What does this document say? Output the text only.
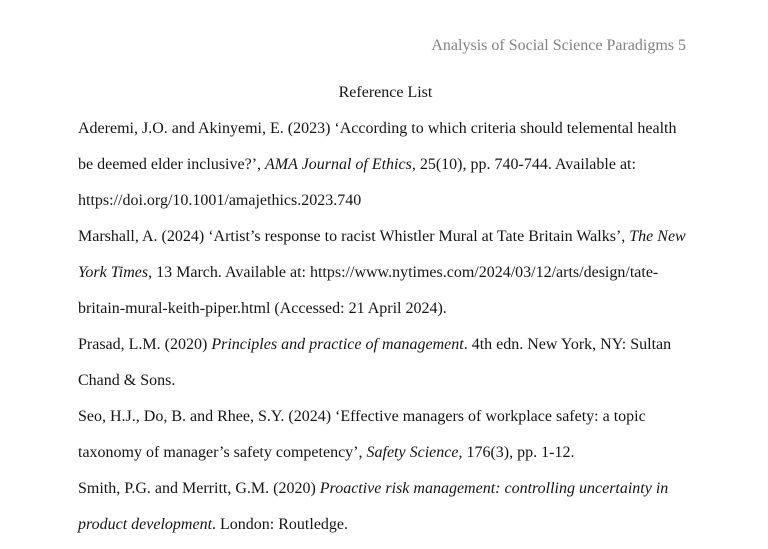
Analysis of Social Science Paradigms 5

Reference List

Aderemi, J.O. and Akinyemi, E. (2023) ‘According to which criteria should telemental health be deemed elder inclusive?’, AMA Journal of Ethics, 25(10), pp. 740-744. Available at: https://doi.org/10.1001/amajethics.2023.740

Marshall, A. (2024) ‘Artist’s response to racist Whistler Mural at Tate Britain Walks’, The New York Times, 13 March. Available at: https://www.nytimes.com/2024/03/12/arts/design/tate-britain-mural-keith-piper.html (Accessed: 21 April 2024).

Prasad, L.M. (2020) Principles and practice of management. 4th edn. New York, NY: Sultan Chand & Sons.

Seo, H.J., Do, B. and Rhee, S.Y. (2024) ‘Effective managers of workplace safety: a topic taxonomy of manager’s safety competency’, Safety Science, 176(3), pp. 1-12.

Smith, P.G. and Merritt, G.M. (2020) Proactive risk management: controlling uncertainty in product development. London: Routledge.
